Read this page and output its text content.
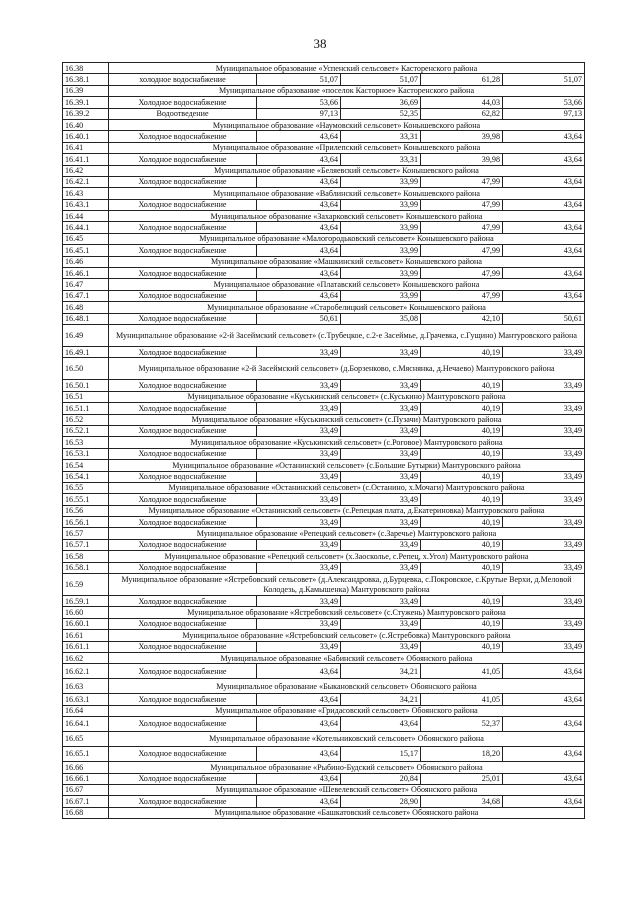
38
16.38	Муниципальное образование «Успенский сельсовет» Касторенского района				
16.38.1	холодное водоснабжение	51,07	51,07	61,28	51,07
16.39	Муниципальное образование «поселок Касторное» Касторенского района				
16.39.1	Холодное водоснабжение	53,66	36,69	44,03	53,66
16.39.2	Водоотведение	97,13	52,35	62,82	97,13
16.40	Муниципальное образование «Наумовский сельсовет» Конышевского района				
16.40.1	Холодное водоснабжение	43,64	33,31	39,98	43,64
16.41	Муниципальное образование «Прилепский сельсовет» Конышевского района				
16.41.1	Холодное водоснабжение	43,64	33,31	39,98	43,64
16.42	Муниципальное образование «Беляевский сельсовет» Конышевского района				
16.42.1	Холодное водоснабжение	43,64	33,99	47,99	43,64
16.43	Муниципальное образование «Ваблинский сельсовет» Конышевского района				
16.43.1	Холодное водоснабжение	43,64	33,99	47,99	43,64
16.44	Муниципальное образование «Захарковский сельсовет» Конышевского района				
16.44.1	Холодное водоснабжение	43,64	33,99	47,99	43,64
16.45	Муниципальное образование «Малогородьковский сельсовет» Конышевского района				
16.45.1	Холодное водоснабжение	43,64	33,99	47,99	43,64
16.46	Муниципальное образование «Машкинский сельсовет» Конышевского района				
16.46.1	Холодное водоснабжение	43,64	33,99	47,99	43,64
16.47	Муниципальное образование «Платавский сельсовет» Конышевского района				
16.47.1	Холодное водоснабжение	43,64	33,99	47,99	43,64
16.48	Муниципальное образование «Старобелицкий сельсовет» Конышевского района				
16.48.1	Холодное водоснабжение	50,61	35,08	42,10	50,61
16.49	Муниципальное образование «2-й Засеймский сельсовет» (с.Трубецкое, с.2-е Засеймье, д.Грачевка, с.Гущино) Мантуровского района				
16.49.1	Холодное водоснабжение	33,49	33,49	40,19	33,49
16.50	Муниципальное образование «2-й Засеймский сельсовет» (д.Борзенково, с.Мяснянка, д.Нечаево) Мантуровского района				
16.50.1	Холодное водоснабжение	33,49	33,49	40,19	33,49
16.51	Муниципальное образование «Куськинский сельсовет» (с.Куськино) Мантуровского района				
16.51.1	Холодное водоснабжение	33,49	33,49	40,19	33,49
16.52	Муниципальное образование «Куськинский сельсовет» (с.Пузачи) Мантуровского района				
16.52.1	Холодное водоснабжение	33,49	33,49	40,19	33,49
16.53	Муниципальное образование «Куськинский сельсовет» (с.Роговое) Мантуровского района				
16.53.1	Холодное водоснабжение	33,49	33,49	40,19	33,49
16.54	Муниципальное образование «Останинский сельсовет» (с.Большие Бутырки) Мантуровского района				
16.54.1	Холодное водоснабжение	33,49	33,49	40,19	33,49
16.55	Муниципальное образование «Останинский сельсовет» (с.Останино, х.Мочаги) Мантуровского района				
16.55.1	Холодное водоснабжение	33,49	33,49	40,19	33,49
16.56	Муниципальное образование «Останинский сельсовет» (с.Репецкая плата, д.Екатериновка) Мантуровского района				
16.56.1	Холодное водоснабжение	33,49	33,49	40,19	33,49
16.57	Муниципальное образование «Репецкий сельсовет» (с.Заречье) Мантуровского района				
16.57.1	Холодное водоснабжение	33,49	33,49	40,19	33,49
16.58	Муниципальное образование «Репецкий сельсовет» (х.Заосколье, с.Репец, х.Угол) Мантуровского района				
16.58.1	Холодное водоснабжение	33,49	33,49	40,19	33,49
16.59	Муниципальное образование «Ястребовский сельсовет» (д.Александровка, д.Бурцевка, с.Покровское, с.Крутые Верхи, д.Меловой Колодезь, д.Камышенка) Мантуровского района				
16.59.1	Холодное водоснабжение	33,49	33,49	40,19	33,49
16.60	Муниципальное образование «Ястребовский сельсовет» (с.Стужень) Мантуровского района				
16.60.1	Холодное водоснабжение	33,49	33,49	40,19	33,49
16.61	Муниципальное образование «Ястребовский сельсовет» (с.Ястребовка) Мантуровского района				
16.61.1	Холодное водоснабжение	33,49	33,49	40,19	33,49
16.62	Муниципальное образование «Бабинский сельсовет» Обоянского района				
16.62.1	Холодное водоснабжение	43,64	34,21	41,05	43,64
16.63	Муниципальное образование «Быкановский сельсовет» Обоянского района				
16.63.1	Холодное водоснабжение	43,64	34,21	41,05	43,64
16.64	Муниципальное образование «Гридасовский сельсовет» Обоянского района				
16.64.1	Холодное водоснабжение	43,64	43,64	52,37	43,64
16.65	Муниципальное образование «Котельниковский сельсовет» Обоянского района				
16.65.1	Холодное водоснабжение	43,64	15,17	18,20	43,64
16.66	Муниципальное образование «Рыбино-Будский сельсовет» Обоянского района				
16.66.1	Холодное водоснабжение	43,64	20,84	25,01	43,64
16.67	Муниципальное образование «Шевелевский сельсовет» Обоянского района				
16.67.1	Холодное водоснабжение	43,64	28,90	34,68	43,64
16.68	Муниципальное образование «Башкатовский сельсовет» Обоянского района				
